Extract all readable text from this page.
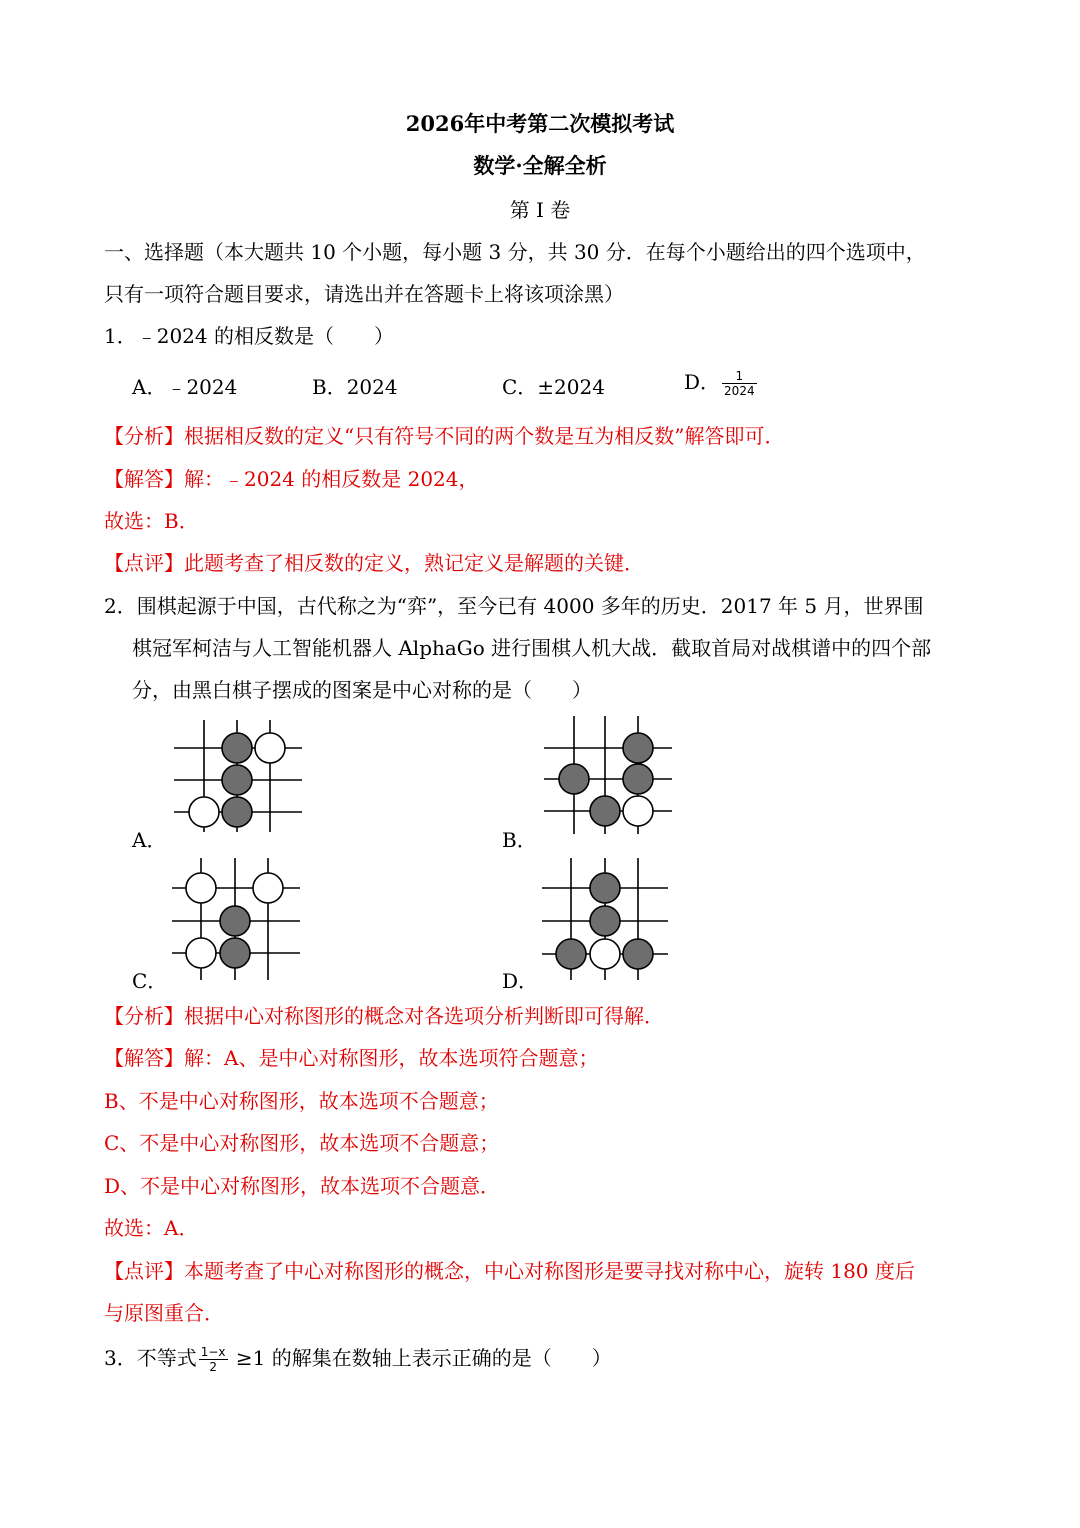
2026年中考第二次模拟考试
数学·全解全析
第 I 卷
一、选择题（本大题共 10 个小题，每小题 3 分，共 30 分．在每个小题给出的四个选项中，
只有一项符合题目要求，请选出并在答题卡上将该项涂黑）
1．﹣2024 的相反数是（　　）
A．﹣2024	B．2024	C．±2024	D． $\frac{1}{2024}$
【分析】根据相反数的定义“只有符号不同的两个数是互为相反数”解答即可．
【解答】解：﹣2024 的相反数是 2024，
故选：B．
【点评】此题考查了相反数的定义，熟记定义是解题的关键．
2．围棋起源于中国，古代称之为“弈”，至今已有 4000 多年的历史．2017 年 5 月，世界围
棋冠军柯洁与人工智能机器人 AlphaGo 进行围棋人机大战．截取首局对战棋谱中的四个部
分，由黑白棋子摆成的图案是中心对称的是（　　）
A．	B．
C．	D．
【分析】根据中心对称图形的概念对各选项分析判断即可得解．
【解答】解：A、是中心对称图形，故本选项符合题意；
B、不是中心对称图形，故本选项不合题意；
C、不是中心对称图形，故本选项不合题意；
D、不是中心对称图形，故本选项不合题意．
故选：A．
【点评】本题考查了中心对称图形的概念，中心对称图形是要寻找对称中心，旋转 180 度后
与原图重合．
3．不等式 $\frac{1-x}{2} \ge 1$ 的解集在数轴上表示正确的是（　　）
